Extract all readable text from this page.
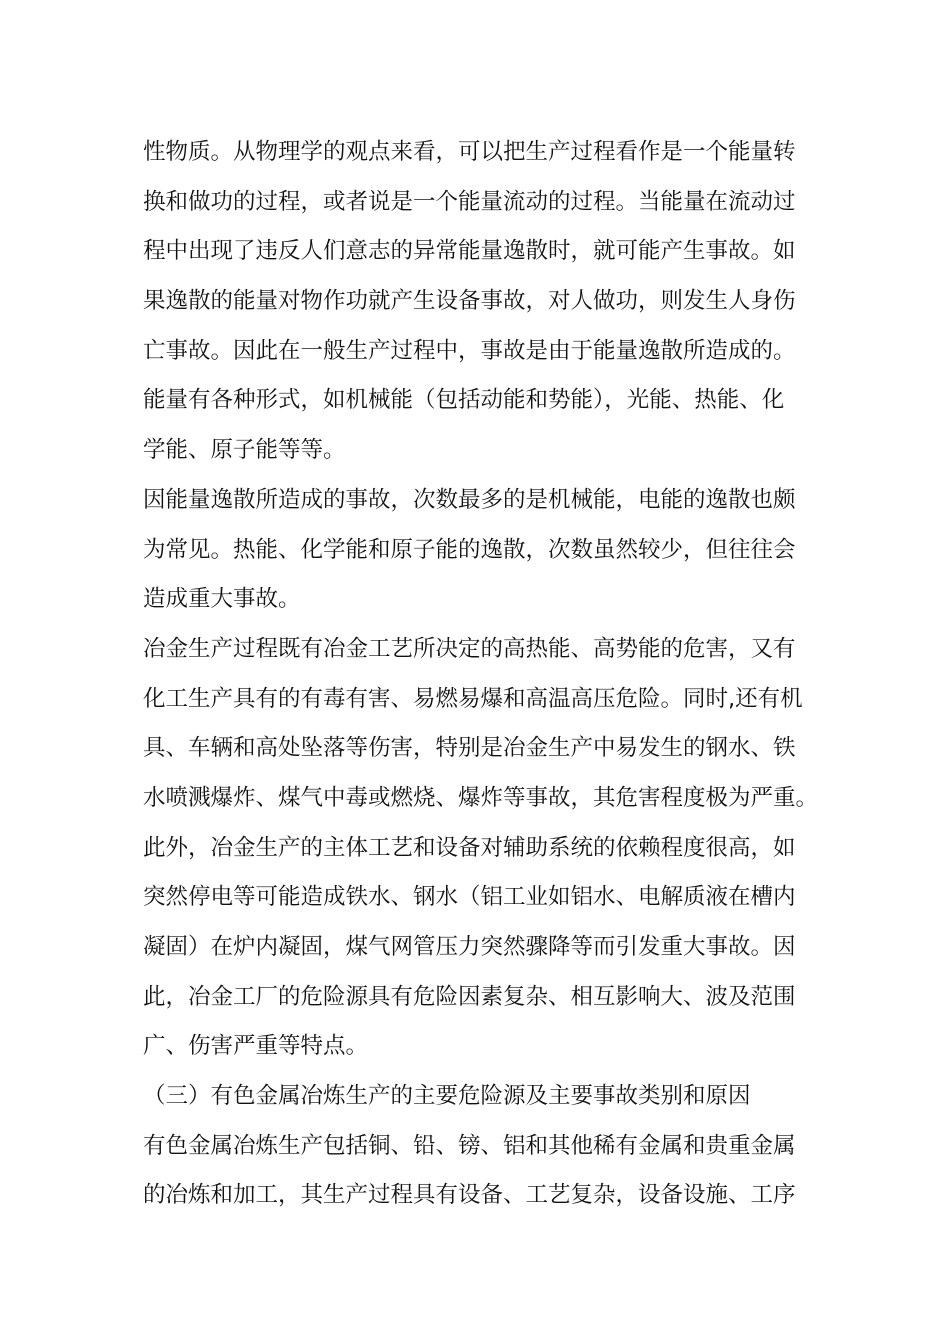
性物质。从物理学的观点来看，可以把生产过程看作是一个能量转
换和做功的过程，或者说是一个能量流动的过程。当能量在流动过
程中出现了违反人们意志的异常能量逸散时，就可能产生事故。如
果逸散的能量对物作功就产生设备事故，对人做功，则发生人身伤
亡事故。因此在一般生产过程中，事故是由于能量逸散所造成的。
能量有各种形式，如机械能（包括动能和势能），光能、热能、化
学能、原子能等等。
因能量逸散所造成的事故，次数最多的是机械能，电能的逸散也颇
为常见。热能、化学能和原子能的逸散，次数虽然较少，但往往会
造成重大事故。
冶金生产过程既有冶金工艺所决定的高热能、高势能的危害，又有
化工生产具有的有毒有害、易燃易爆和高温高压危险。同时,还有机
具、车辆和高处坠落等伤害，特别是冶金生产中易发生的钢水、铁
水喷溅爆炸、煤气中毒或燃烧、爆炸等事故，其危害程度极为严重。
此外，冶金生产的主体工艺和设备对辅助系统的依赖程度很高，如
突然停电等可能造成铁水、钢水（铝工业如铝水、电解质液在槽内
凝固）在炉内凝固，煤气网管压力突然骤降等而引发重大事故。因
此，冶金工厂的危险源具有危险因素复杂、相互影响大、波及范围
广、伤害严重等特点。
（三）有色金属冶炼生产的主要危险源及主要事故类别和原因
有色金属冶炼生产包括铜、铅、镑、铝和其他稀有金属和贵重金属
的冶炼和加工，其生产过程具有设备、工艺复杂，设备设施、工序
